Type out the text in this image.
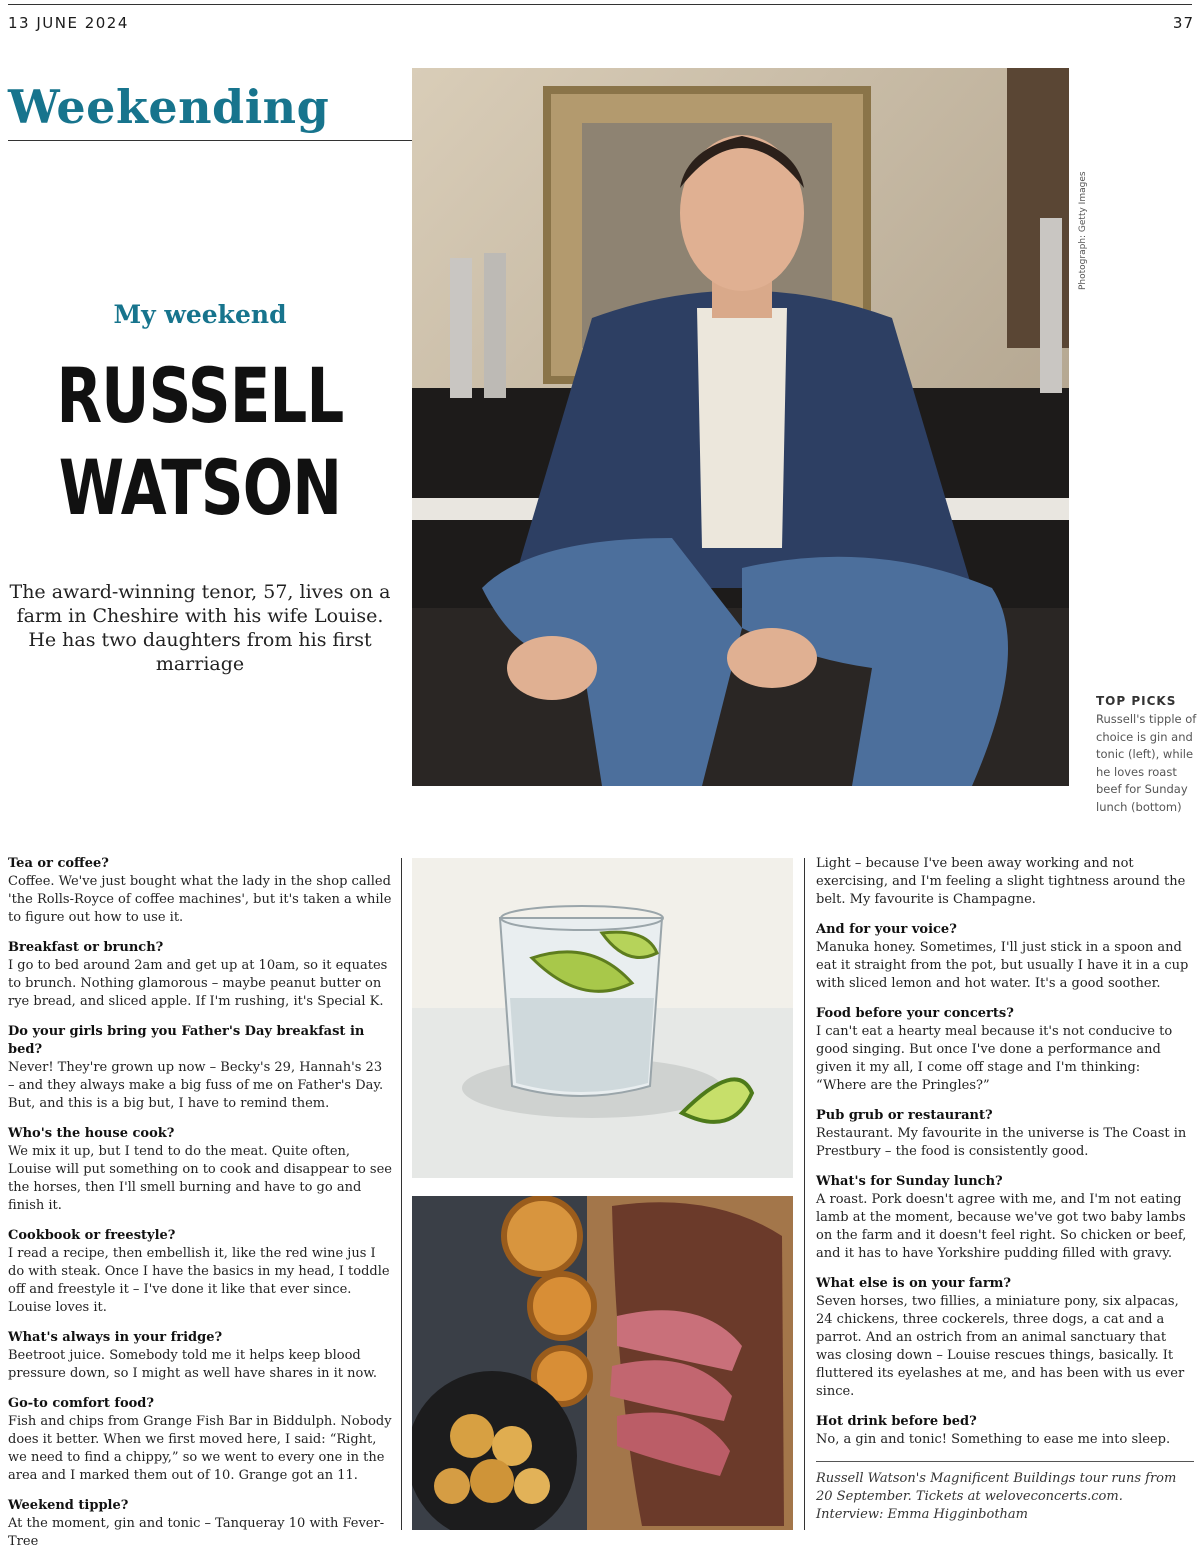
13 JUNE 2024	37
Weekending
My weekend
RUSSELL
WATSON
The award-winning tenor, 57, lives on a farm in Cheshire with his wife Louise. He has two daughters from his first marriage
Photograph: Getty Images
TOP PICKS
Russell's tipple of choice is gin and tonic (left), while he loves roast beef for Sunday lunch (bottom)
Tea or coffee?
Coffee. We've just bought what the lady in the shop called 'the Rolls-Royce of coffee machines', but it's taken a while to figure out how to use it.
Breakfast or brunch?
I go to bed around 2am and get up at 10am, so it equates to brunch. Nothing glamorous – maybe peanut butter on rye bread, and sliced apple. If I'm rushing, it's Special K.
Do your girls bring you Father's Day breakfast in bed?
Never! They're grown up now – Becky's 29, Hannah's 23 – and they always make a big fuss of me on Father's Day. But, and this is a big but, I have to remind them.
Who's the house cook?
We mix it up, but I tend to do the meat. Quite often, Louise will put something on to cook and disappear to see the horses, then I'll smell burning and have to go and finish it.
Cookbook or freestyle?
I read a recipe, then embellish it, like the red wine jus I do with steak. Once I have the basics in my head, I toddle off and freestyle it – I've done it like that ever since. Louise loves it.
What's always in your fridge?
Beetroot juice. Somebody told me it helps keep blood pressure down, so I might as well have shares in it now.
Go-to comfort food?
Fish and chips from Grange Fish Bar in Biddulph. Nobody does it better. When we first moved here, I said: “Right, we need to find a chippy,” so we went to every one in the area and I marked them out of 10. Grange got an 11.
Weekend tipple?
At the moment, gin and tonic – Tanqueray 10 with Fever-Tree
Light – because I've been away working and not exercising, and I'm feeling a slight tightness around the belt. My favourite is Champagne.
And for your voice?
Manuka honey. Sometimes, I'll just stick in a spoon and eat it straight from the pot, but usually I have it in a cup with sliced lemon and hot water. It's a good soother.
Food before your concerts?
I can't eat a hearty meal because it's not conducive to good singing. But once I've done a performance and given it my all, I come off stage and I'm thinking: “Where are the Pringles?”
Pub grub or restaurant?
Restaurant. My favourite in the universe is The Coast in Prestbury – the food is consistently good.
What's for Sunday lunch?
A roast. Pork doesn't agree with me, and I'm not eating lamb at the moment, because we've got two baby lambs on the farm and it doesn't feel right. So chicken or beef, and it has to have Yorkshire pudding filled with gravy.
What else is on your farm?
Seven horses, two fillies, a miniature pony, six alpacas, 24 chickens, three cockerels, three dogs, a cat and a parrot. And an ostrich from an animal sanctuary that was closing down – Louise rescues things, basically. It fluttered its eyelashes at me, and has been with us ever since.
Hot drink before bed?
No, a gin and tonic! Something to ease me into sleep.
Russell Watson's Magnificent Buildings tour runs from 20 September. Tickets at weloveconcerts.com.
Interview: Emma Higginbotham
